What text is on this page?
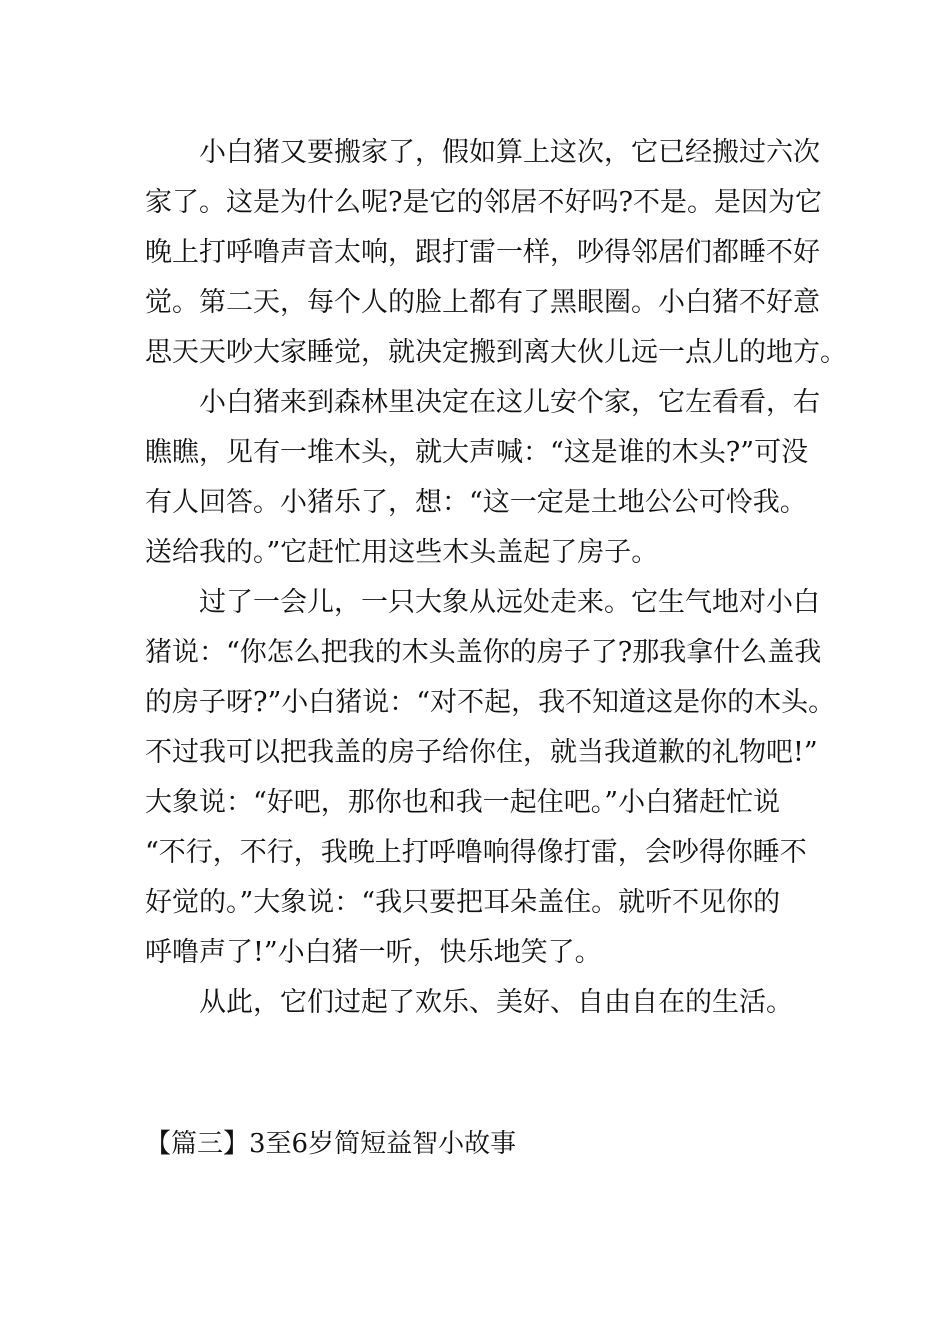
小白猪又要搬家了，假如算上这次，它已经搬过六次
家了。这是为什么呢?是它的邻居不好吗?不是。是因为它
晚上打呼噜声音太响，跟打雷一样，吵得邻居们都睡不好
觉。第二天，每个人的脸上都有了黑眼圈。小白猪不好意
思天天吵大家睡觉，就决定搬到离大伙儿远一点儿的地方。
小白猪来到森林里决定在这儿安个家，它左看看，右
瞧瞧，见有一堆木头，就大声喊：“这是谁的木头?”可没
有人回答。小猪乐了，想：“这一定是土地公公可怜我。
送给我的。”它赶忙用这些木头盖起了房子。
过了一会儿，一只大象从远处走来。它生气地对小白
猪说：“你怎么把我的木头盖你的房子了?那我拿什么盖我
的房子呀?”小白猪说：“对不起，我不知道这是你的木头。
不过我可以把我盖的房子给你住，就当我道歉的礼物吧!”
大象说：“好吧，那你也和我一起住吧。”小白猪赶忙说
“不行，不行，我晚上打呼噜响得像打雷，会吵得你睡不
好觉的。”大象说：“我只要把耳朵盖住。就听不见你的
呼噜声了!”小白猪一听，快乐地笑了。
从此，它们过起了欢乐、美好、自由自在的生活。
【篇三】3至6岁简短益智小故事
